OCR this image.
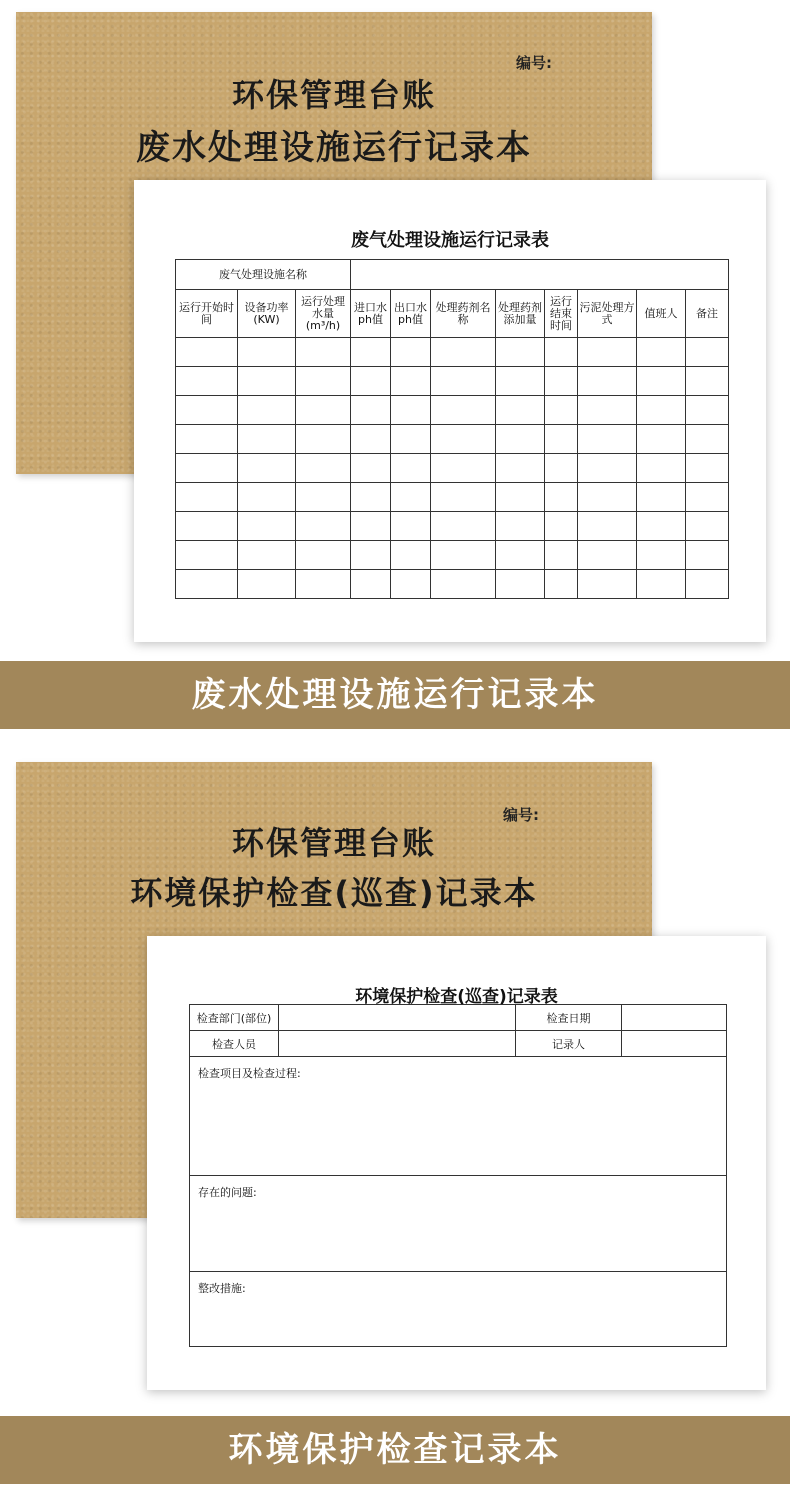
编号:
环保管理台账
废水处理设施运行记录本
废气处理设施运行记录表
废气处理设施名称										
运行开始时间	设备功率(KW)	运行处理水量(m³/h)	进口水ph值	出口水ph值	处理药剂名称	处理药剂添加量	运行结束时间	污泥处理方式	值班人	备注

废水处理设施运行记录本
编号:
环保管理台账
环境保护检查(巡查)记录本
环境保护检查(巡查)记录表
检查部门(部位)	检查日期
检查人员	记录人
检查项目及检查过程:
存在的问题:
整改措施:
环境保护检查记录本
